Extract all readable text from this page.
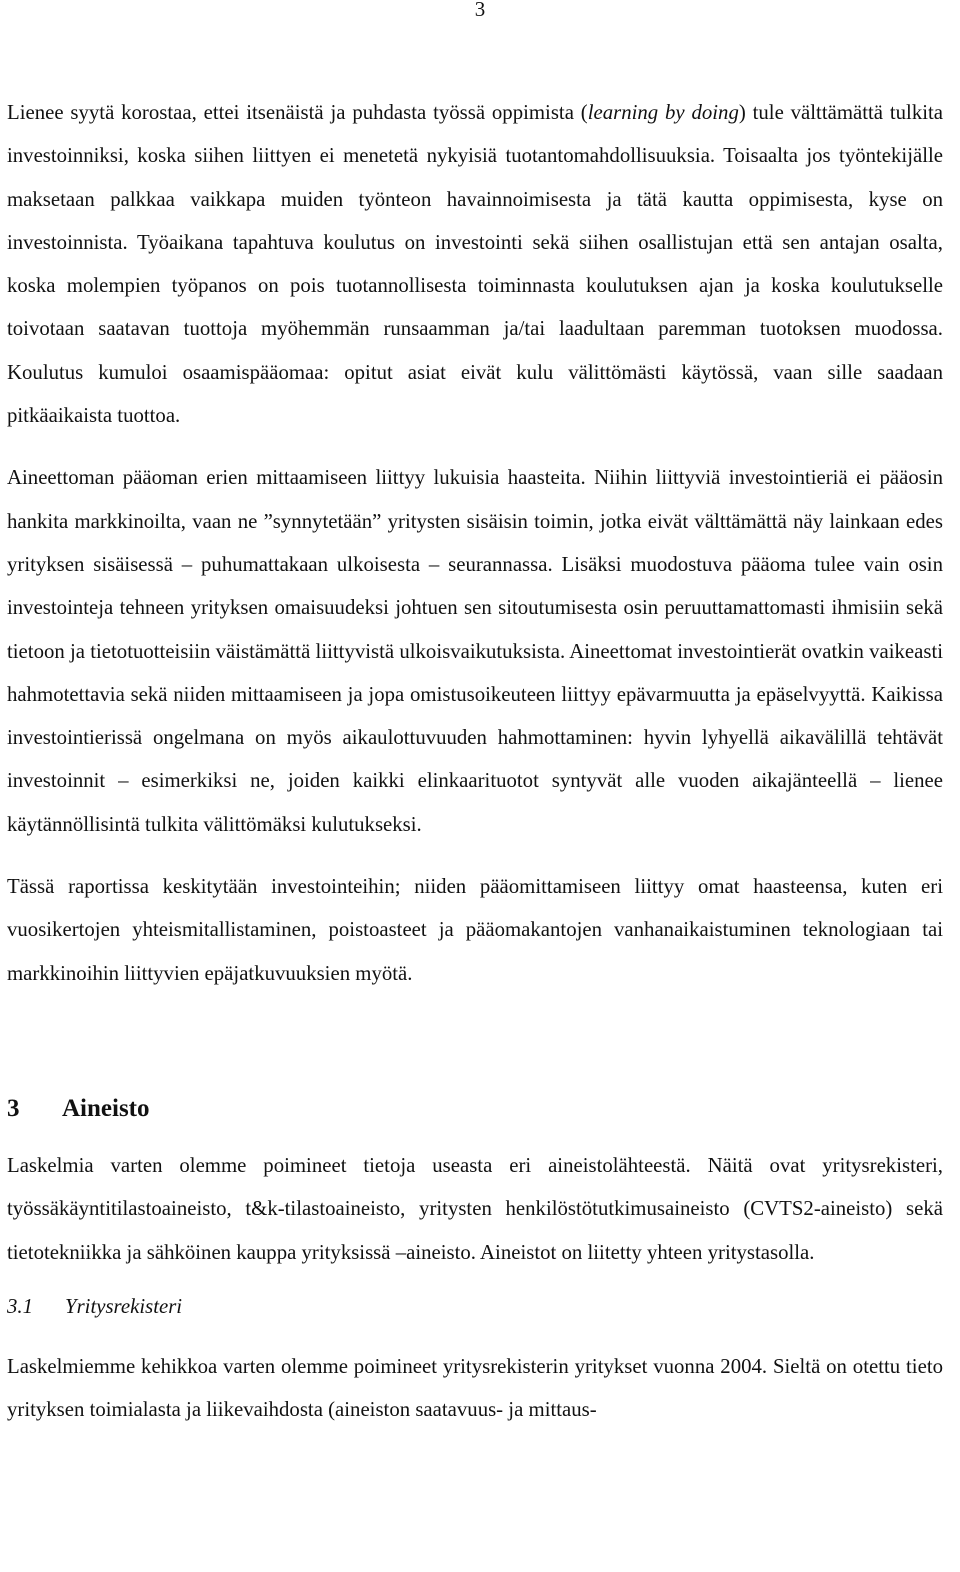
3

Lienee syytä korostaa, ettei itsenäistä ja puhdasta työssä oppimista (learning by doing) tule välttämättä tulkita investoinniksi, koska siihen liittyen ei menetetä nykyisiä tuotantomahdollisuuksia. Toisaalta jos työntekijälle maksetaan palkkaa vaikkapa muiden työnteon havainnoimisesta ja tätä kautta oppimisesta, kyse on investoinnista. Työaikana tapahtuva koulutus on investointi sekä siihen osallistujan että sen antajan osalta, koska molempien työpanos on pois tuotannollisesta toiminnasta koulutuksen ajan ja koska koulutukselle toivotaan saatavan tuottoja myöhemmän runsaamman ja/tai laadultaan paremman tuotoksen muodossa. Koulutus kumuloi osaamispääomaa: opitut asiat eivät kulu välittömästi käytössä, vaan sille saadaan pitkäaikaista tuottoa.

Aineettoman pääoman erien mittaamiseen liittyy lukuisia haasteita. Niihin liittyviä investointieriä ei pääosin hankita markkinoilta, vaan ne ”synnytetään” yritysten sisäisin toimin, jotka eivät välttämättä näy lainkaan edes yrityksen sisäisessä – puhumattakaan ulkoisesta – seurannassa. Lisäksi muodostuva pääoma tulee vain osin investointeja tehneen yrityksen omaisuudeksi johtuen sen sitoutumisesta osin peruuttamattomasti ihmisiin sekä tietoon ja tietotuotteisiin väistämättä liittyvistä ulkoisvaikutuksista. Aineettomat investointierät ovatkin vaikeasti hahmotettavia sekä niiden mittaamiseen ja jopa omistusoikeuteen liittyy epävarmuutta ja epäselvyyttä. Kaikissa investointierissä ongelmana on myös aikaulottuvuuden hahmottaminen: hyvin lyhyellä aikavälillä tehtävät investoinnit – esimerkiksi ne, joiden kaikki elinkaarituotot syntyvät alle vuoden aikajänteellä – lienee käytännöllisintä tulkita välittömäksi kulutukseksi.

Tässä raportissa keskitytään investointeihin; niiden pääomittamiseen liittyy omat haasteensa, kuten eri vuosikertojen yhteismitallistaminen, poistoasteet ja pääomakantojen vanhanaikaistuminen teknologiaan tai markkinoihin liittyvien epäjatkuvuuksien myötä.

3 Aineisto

Laskelmia varten olemme poimineet tietoja useasta eri aineistolähteestä. Näitä ovat yritysrekisteri, työssäkäyntitilastoaineisto, t&k-tilastoaineisto, yritysten henkilöstötutkimusaineisto (CVTS2-aineisto) sekä tietotekniikka ja sähköinen kauppa yrityksissä –aineisto. Aineistot on liitetty yhteen yritystasolla.

3.1 Yritysrekisteri

Laskelmiemme kehikkoa varten olemme poimineet yritysrekisterin yritykset vuonna 2004. Sieltä on otettu tieto yrityksen toimialasta ja liikevaihdosta (aineiston saatavuus- ja mittaus-
